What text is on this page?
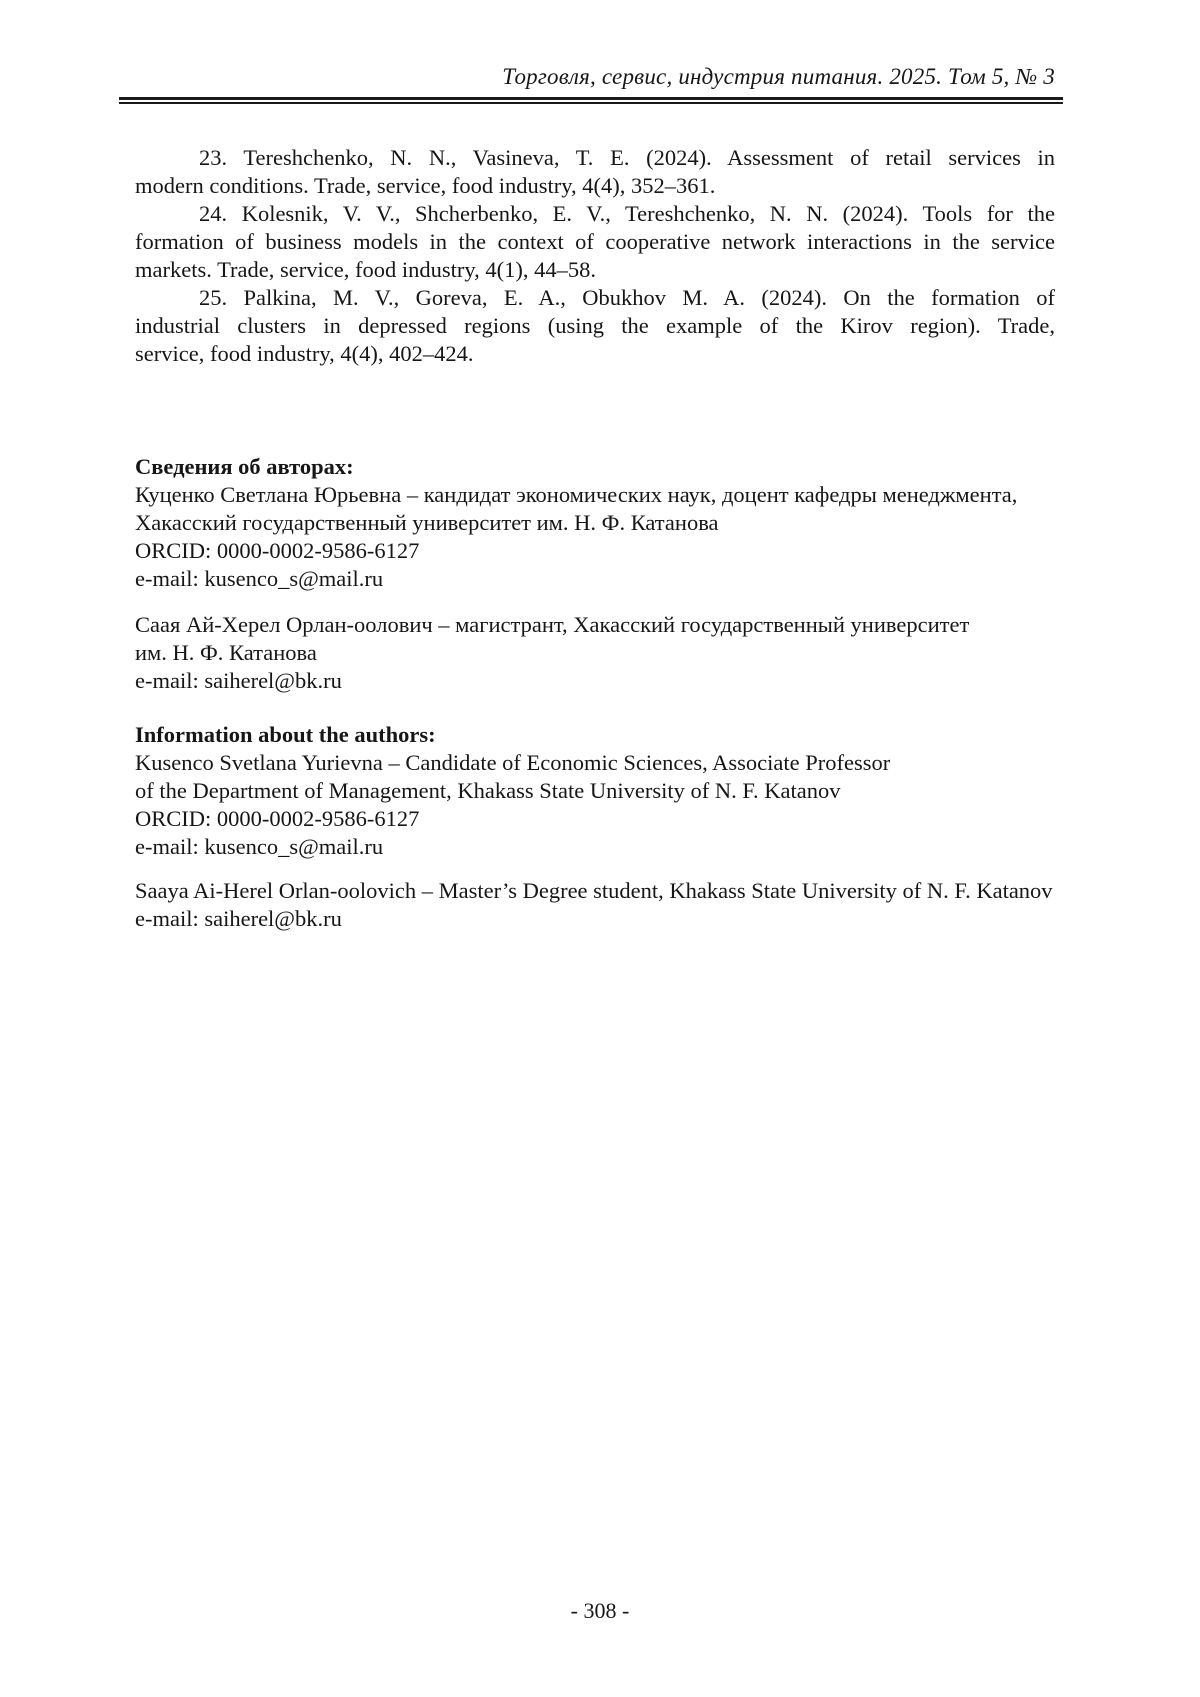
Торговля, сервис, индустрия питания. 2025. Том 5, № 3

23. Tereshchenko, N. N., Vasineva, T. E. (2024). Assessment of retail services in
modern conditions. Trade, service, food industry, 4(4), 352–361.

24. Kolesnik, V. V., Shcherbenko, E. V., Tereshchenko, N. N. (2024). Tools for the
formation of business models in the context of cooperative network interactions in the service
markets. Trade, service, food industry, 4(1), 44–58.

25. Palkina, M. V., Goreva, E. A., Obukhov M. A. (2024). On the formation of
industrial clusters in depressed regions (using the example of the Kirov region). Trade,
service, food industry, 4(4), 402–424.

Сведения об авторах:
Куценко Светлана Юрьевна – кандидат экономических наук, доцент кафедры менеджмента,
Хакасский государственный университет им. Н. Ф. Катанова
ORCID: 0000-0002-9586-6127
e-mail: kusenco_s@mail.ru
Саая Ай-Херел Орлан-оолович – магистрант, Хакасский государственный университет
им. Н. Ф. Катанова
e-mail: saiherel@bk.ru
Information about the authors:
Kusenco Svetlana Yurievna – Candidate of Economic Sciences, Associate Professor
of the Department of Management, Khakass State University of N. F. Katanov
ORCID: 0000-0002-9586-6127
e-mail: kusenco_s@mail.ru
Saaya Ai-Herel Orlan-oolovich – Master’s Degree student, Khakass State University of N. F. Katanov
e-mail: saiherel@bk.ru
- 308 -
